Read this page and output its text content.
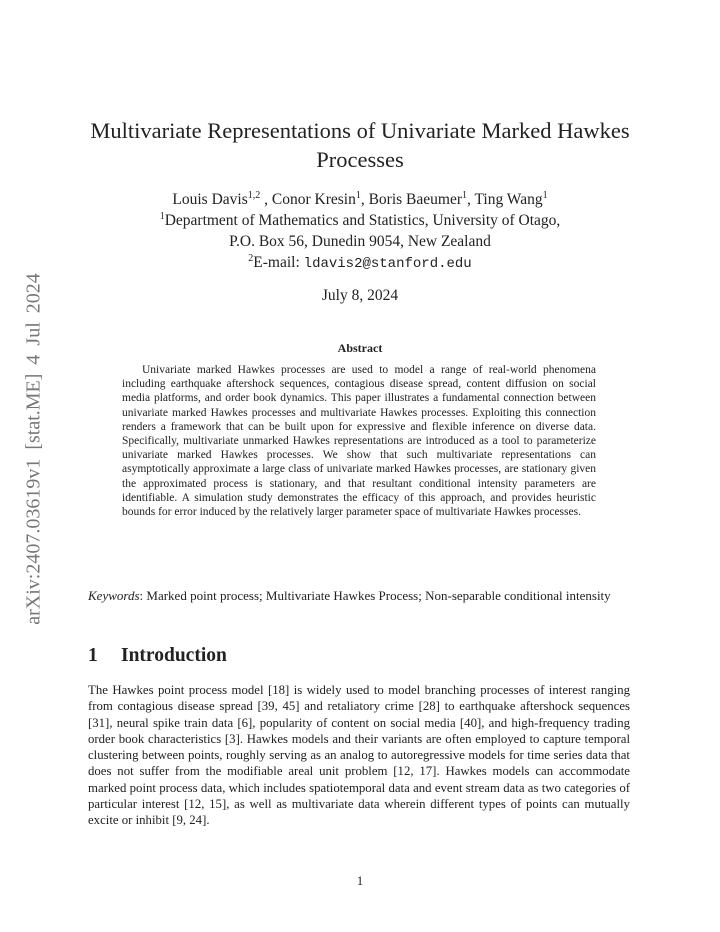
arXiv:2407.03619v1 [stat.ME] 4 Jul 2024
Multivariate Representations of Univariate Marked Hawkes Processes
Louis Davis$^{1,2}$ , Conor Kresin$^1$, Boris Baeumer$^1$, Ting Wang$^1$
$^1$Department of Mathematics and Statistics, University of Otago,
P.O. Box 56, Dunedin 9054, New Zealand
$^2$E-mail: ldavis2@stanford.edu
July 8, 2024
Abstract
Univariate marked Hawkes processes are used to model a range of real-world phenomena including earthquake aftershock sequences, contagious disease spread, content diffusion on social media platforms, and order book dynamics. This paper illustrates a fundamental connection between univariate marked Hawkes processes and multivariate Hawkes processes. Exploiting this connection renders a framework that can be built upon for expressive and flexible inference on diverse data. Specifically, multivariate unmarked Hawkes representations are introduced as a tool to parameterize univariate marked Hawkes processes. We show that such multivariate representations can asymptotically approximate a large class of univariate marked Hawkes processes, are stationary given the approximated process is stationary, and that resultant conditional intensity parameters are identifiable. A simulation study demonstrates the efficacy of this approach, and provides heuristic bounds for error induced by the relatively larger parameter space of multivariate Hawkes processes.
Keywords: Marked point process; Multivariate Hawkes Process; Non-separable conditional intensity
1 Introduction
The Hawkes point process model [18] is widely used to model branching processes of interest ranging from contagious disease spread [39, 45] and retaliatory crime [28] to earthquake aftershock sequences [31], neural spike train data [6], popularity of content on social media [40], and high-frequency trading order book characteristics [3]. Hawkes models and their variants are often employed to capture temporal clustering between points, roughly serving as an analog to autoregressive models for time series data that does not suffer from the modifiable areal unit problem [12, 17]. Hawkes models can accommodate marked point process data, which includes spatiotemporal data and event stream data as two categories of particular interest [12, 15], as well as multivariate data wherein different types of points can mutually excite or inhibit [9, 24].
1
